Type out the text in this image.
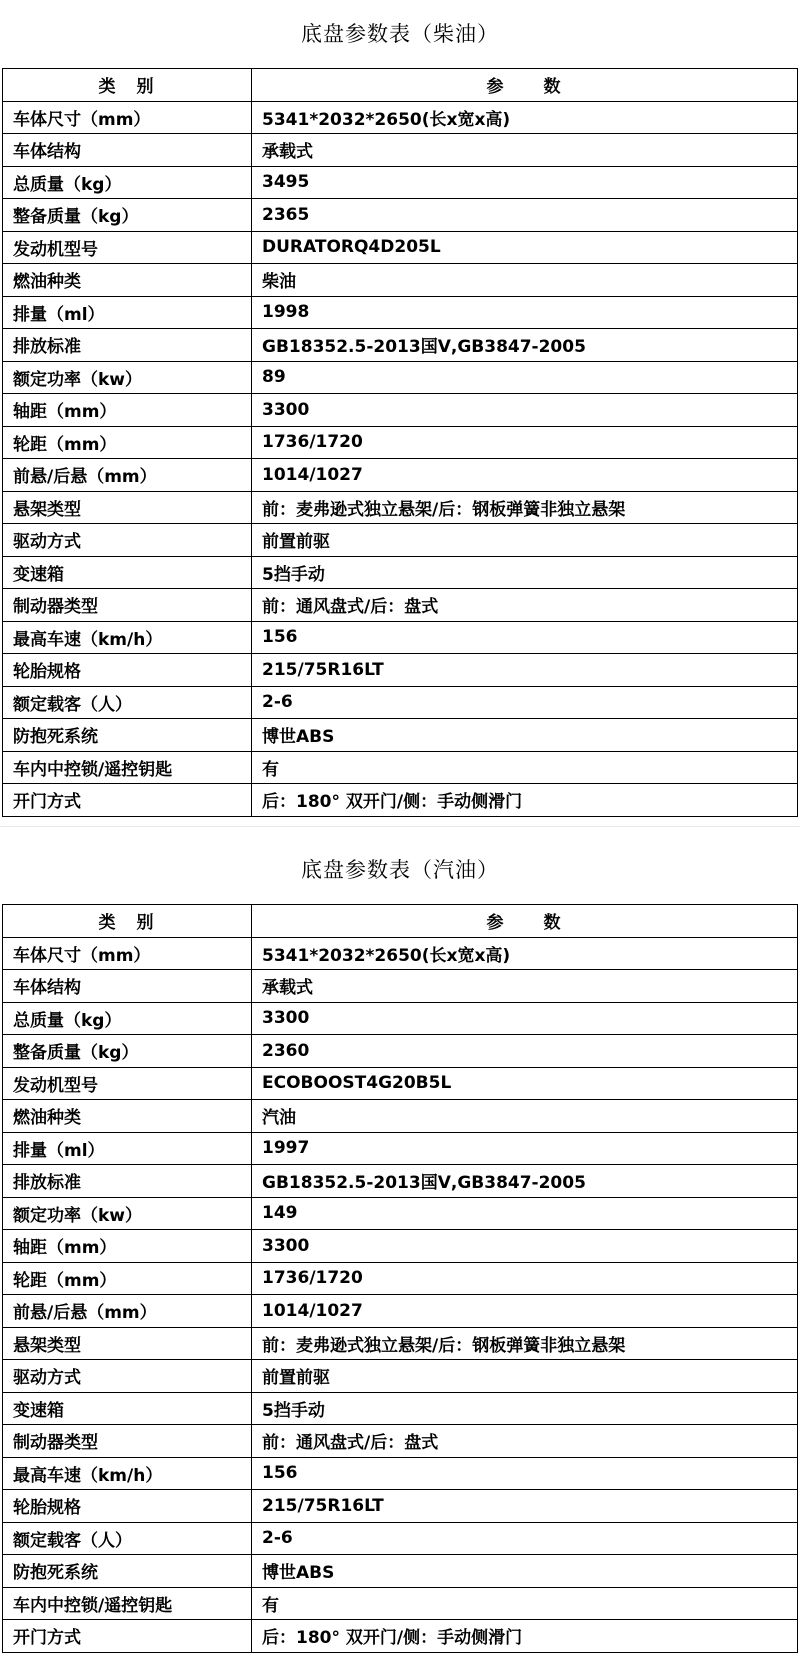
底盘参数表（柴油）
类　别	参　　数
车体尺寸（mm）	5341*2032*2650(长x宽x高)
车体结构	承载式
总质量（kg）	3495
整备质量（kg）	2365
发动机型号	DURATORQ4D205L
燃油种类	柴油
排量（ml）	1998
排放标准	GB18352.5-2013国Ⅴ,GB3847-2005
额定功率（kw）	89
轴距（mm）	3300
轮距（mm）	1736/1720
前悬/后悬（mm）	1014/1027
悬架类型	前：麦弗逊式独立悬架/后：钢板弹簧非独立悬架
驱动方式	前置前驱
变速箱	5挡手动
制动器类型	前：通风盘式/后：盘式
最高车速（km/h）	156
轮胎规格	215/75R16LT
额定载客（人）	2-6
防抱死系统	博世ABS
车内中控锁/遥控钥匙	有
开门方式	后：180° 双开门/侧：手动侧滑门
底盘参数表（汽油）
类　别	参　　数
车体尺寸（mm）	5341*2032*2650(长x宽x高)
车体结构	承载式
总质量（kg）	3300
整备质量（kg）	2360
发动机型号	ECOBOOST4G20B5L
燃油种类	汽油
排量（ml）	1997
排放标准	GB18352.5-2013国Ⅴ,GB3847-2005
额定功率（kw）	149
轴距（mm）	3300
轮距（mm）	1736/1720
前悬/后悬（mm）	1014/1027
悬架类型	前：麦弗逊式独立悬架/后：钢板弹簧非独立悬架
驱动方式	前置前驱
变速箱	5挡手动
制动器类型	前：通风盘式/后：盘式
最高车速（km/h）	156
轮胎规格	215/75R16LT
额定载客（人）	2-6
防抱死系统	博世ABS
车内中控锁/遥控钥匙	有
开门方式	后：180° 双开门/侧：手动侧滑门
